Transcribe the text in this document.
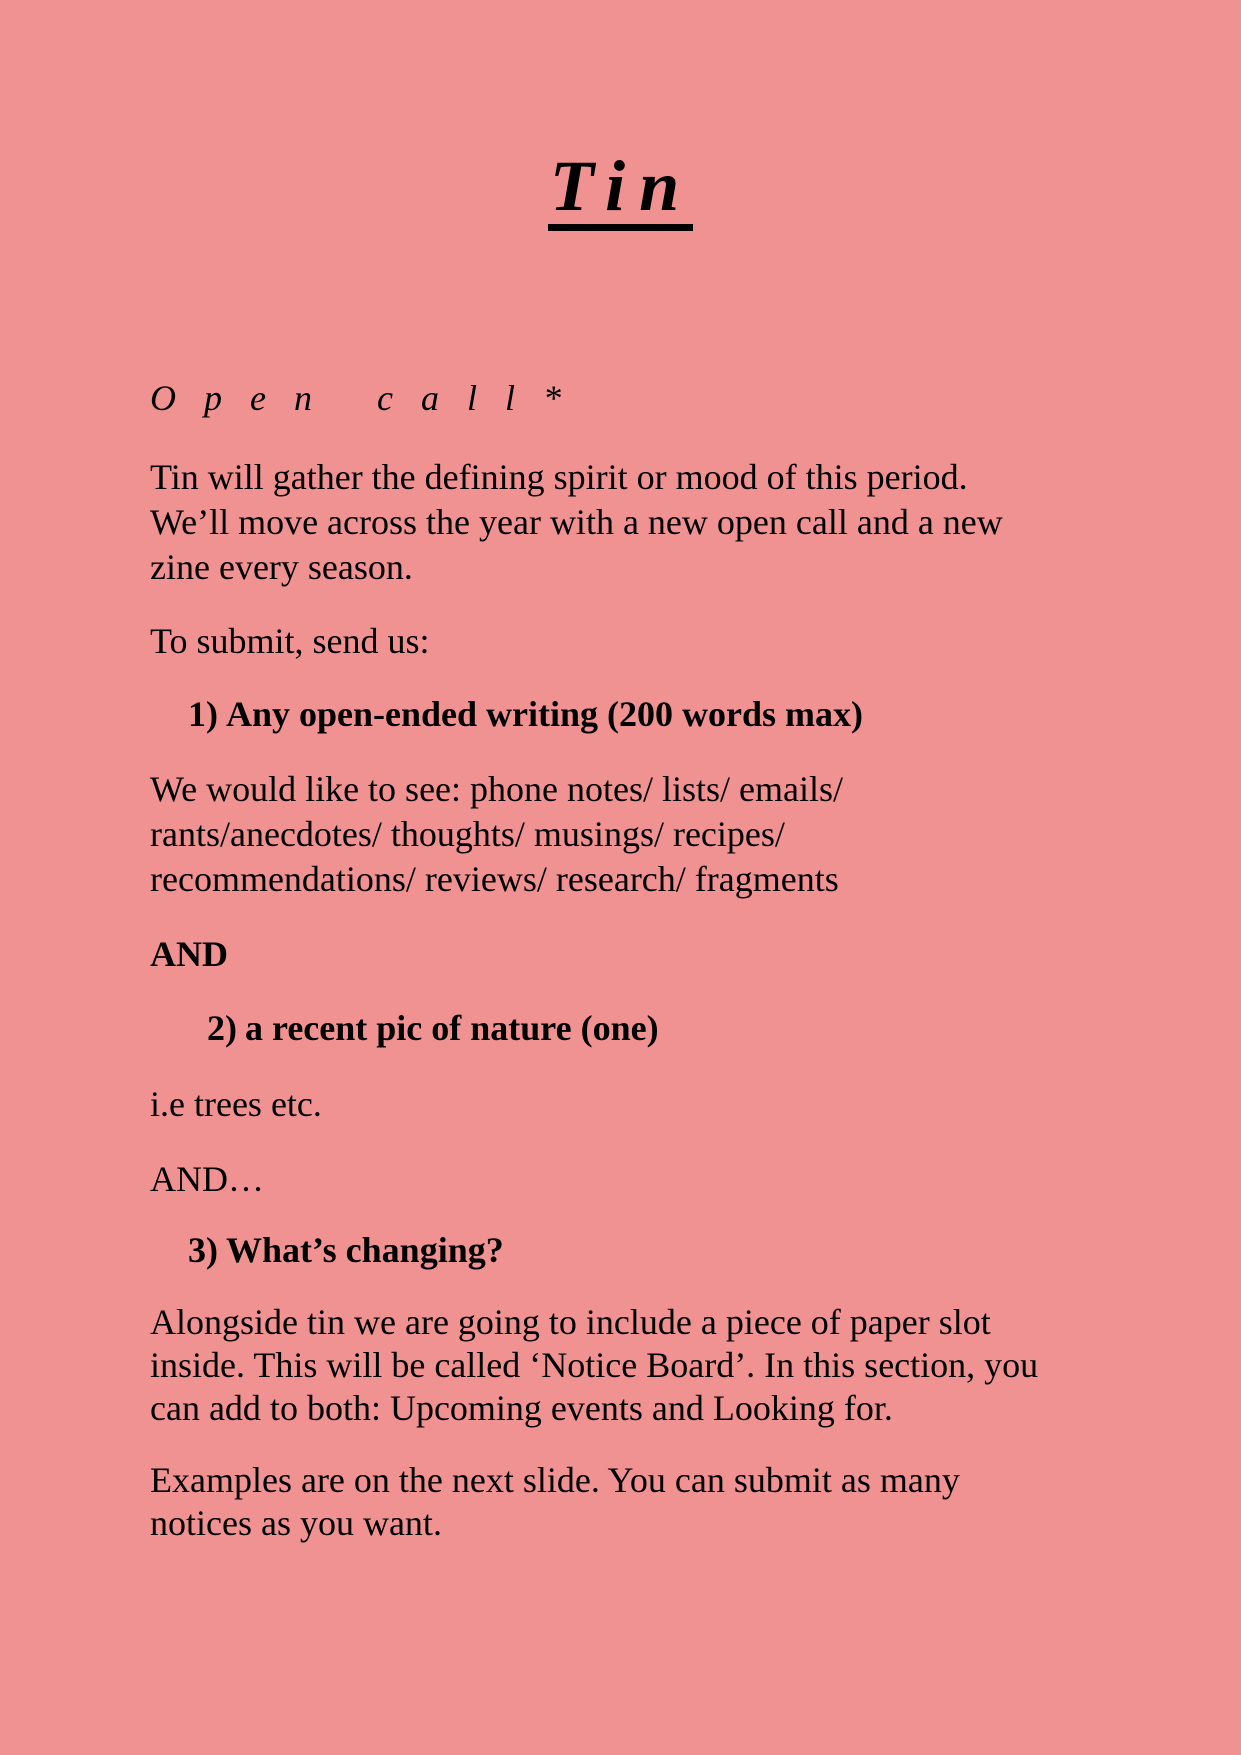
Tin
Open call*

Tin will gather the defining spirit or mood of this period.
We’ll move across the year with a new open call and a new
zine every season.

To submit, send us:

1) Any open-ended writing (200 words max)

We would like to see: phone notes/ lists/ emails/
rants/anecdotes/ thoughts/ musings/ recipes/
recommendations/ reviews/ research/ fragments

AND

2) a recent pic of nature (one)

i.e trees etc.

AND…

3) What’s changing?

Alongside tin we are going to include a piece of paper slot
inside. This will be called ‘Notice Board’. In this section, you
can add to both: Upcoming events and Looking for.

Examples are on the next slide. You can submit as many
notices as you want.
